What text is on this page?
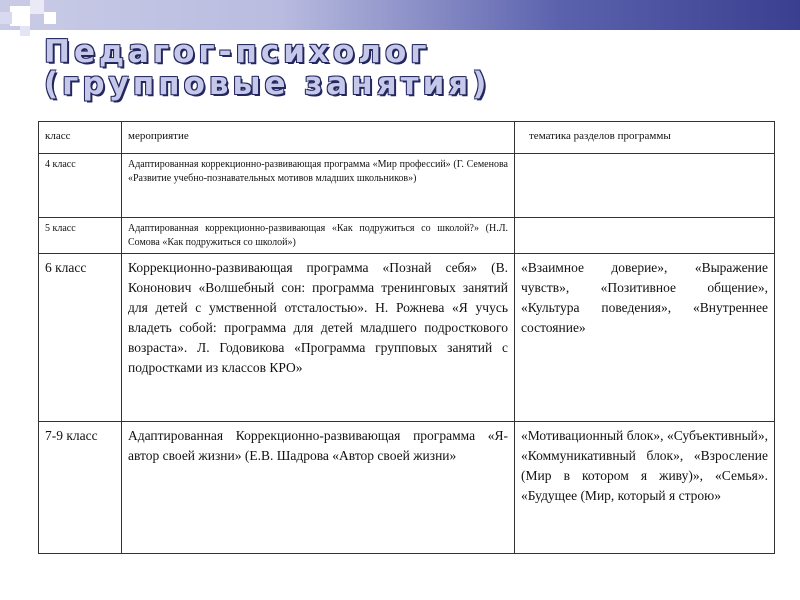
Педагог-психолог
(групповые занятия)
класс	мероприятие	тематика разделов программы
4 класс	Адаптированная коррекционно-развивающая программа «Мир профессий» (Г. Семенова «Развитие учебно-познавательных мотивов младших школьников»)	
5 класс	Адаптированная коррекционно-развивающая «Как подружиться со школой?» (Н.Л. Сомова «Как подружиться со школой»)	
6 класс	Коррекционно-развивающая программа «Познай себя» (В. Кононович «Волшебный сон: программа тренинговых занятий для детей с умственной отсталостью». Н. Рожнева «Я учусь владеть собой: программа для детей младшего подросткового возраста». Л. Годовикова «Программа групповых занятий с подростками из классов КРО»	«Взаимное доверие», «Выражение чувств», «Позитивное общение», «Культура поведения», «Внутреннее состояние»
7-9 класс	Адаптированная Коррекционно-развивающая программа «Я- автор своей жизни» (Е.В. Шадрова «Автор своей жизни»	«Мотивационный блок», «Субъективный», «Коммуникативный блок», «Взросление (Мир в котором я живу)», «Семья». «Будущее (Мир, который я строю»
